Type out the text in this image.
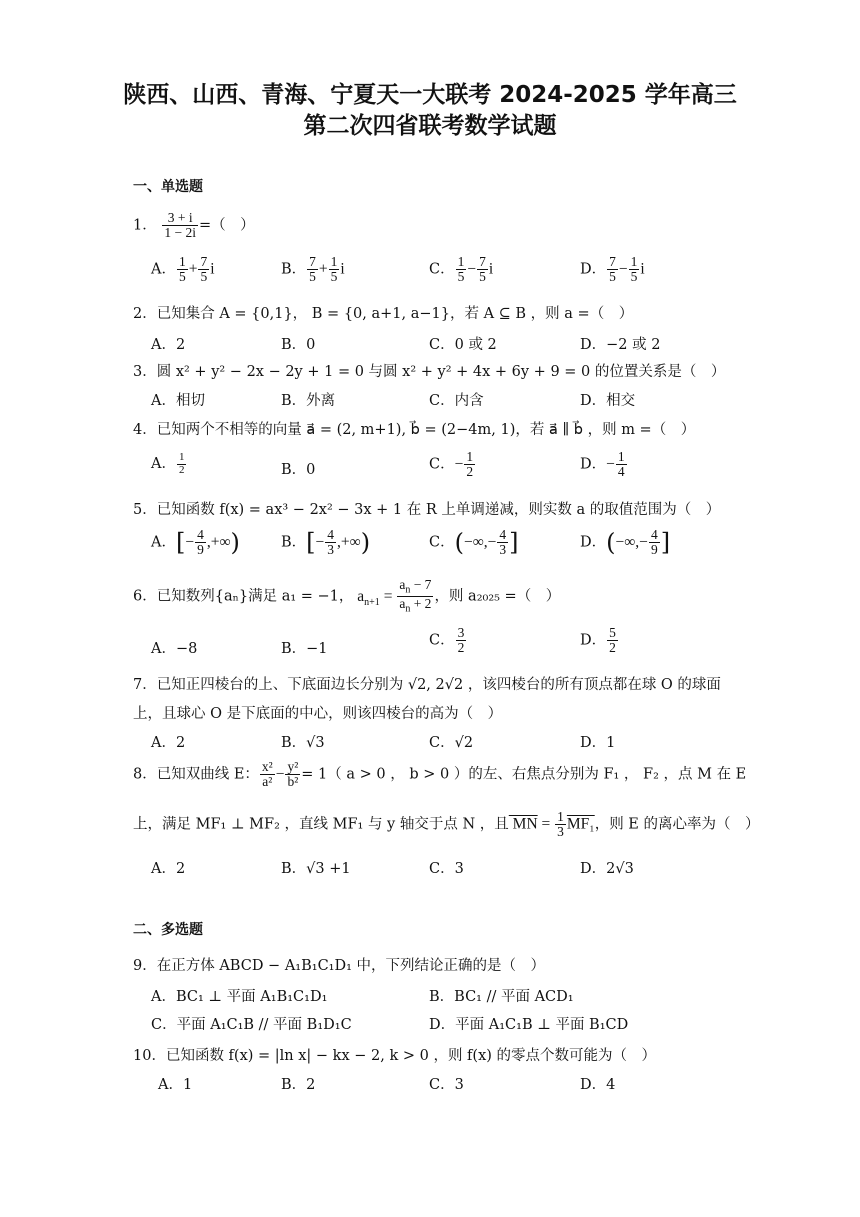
陕西、山西、青海、宁夏天一大联考 2024-2025 学年高三
第二次四省联考数学试题
一、单选题
1． $\frac{3 + i}{1 - 2i}$ =（　）
A． $\frac{1}{5} + \frac{7}{5}$ i	B． $\frac{7}{5} + \frac{1}{5}$ i	C． $\frac{1}{5} - \frac{7}{5}$ i	D． $\frac{7}{5} - \frac{1}{5}$ i
2．已知集合 A = {0,1}， B = {0, a+1, a−1}，若 A ⊆ B ，则 a =（　）
A．2	B．0	C．0 或 2	D．−2 或 2
3．圆 x² + y² − 2x − 2y + 1 = 0 与圆 x² + y² + 4x + 6y + 9 = 0 的位置关系是（　）
A．相切	B．外离	C．内含	D．相交
4．已知两个不相等的向量 a⃗ = (2, m+1), b⃗ = (2−4m, 1)，若 a⃗ ∥ b⃗ ，则 m =（　）
A． $\frac{1}{2}$	B．0	C．− $\frac{1}{2}$	D．− $\frac{1}{4}$
5．已知函数 f(x) = ax³ − 2x² − 3x + 1 在 R 上单调递减，则实数 a 的取值范围为（　）
A．[− $\frac{4}{9}$ ,+∞)	B．[− $\frac{4}{3}$ ,+∞)	C．(−∞,− $\frac{4}{3}$ ]	D．(−∞,− $\frac{4}{9}$ ]
6．已知数列{aₙ}满足 a₁ = −1， $a_{n+1} = \frac{a_n - 7}{a_n + 2}$ ，则 a₂₀₂₅ =（　）
A．−8	B．−1
C． $\frac{3}{2}$	D． $\frac{5}{2}$
7．已知正四棱台的上、下底面边长分别为 √2, 2√2 ，该四棱台的所有顶点都在球 O 的球面
上，且球心 O 是下底面的中心，则该四棱台的高为（　）
A．2	B．√3	C．√2	D．1
8．已知双曲线 E： $\frac{\text{x²}}{\text{a²}} - \frac{\text{y²}}{\text{b²}} = 1$（ a > 0 ， b > 0 ）的左、右焦点分别为 F₁ ， F₂ ，点 M 在 E
上，满足 MF₁ ⊥ MF₂ ，直线 MF₁ 与 y 轴交于点 N ，且 MN = $\frac{1}{3} MF_1$，则 E 的离心率为（　）
A．2	B．√3 +1	C．3	D．2√3
二、多选题
9．在正方体 ABCD − A₁B₁C₁D₁ 中，下列结论正确的是（　）
A．BC₁ ⊥ 平面 A₁B₁C₁D₁	B．BC₁ // 平面 ACD₁
C．平面 A₁C₁B // 平面 B₁D₁C	D．平面 A₁C₁B ⊥ 平面 B₁CD
10．已知函数 f(x) = |ln x| − kx − 2, k > 0 ，则 f(x) 的零点个数可能为（　）
A．1	B．2	C．3	D．4
